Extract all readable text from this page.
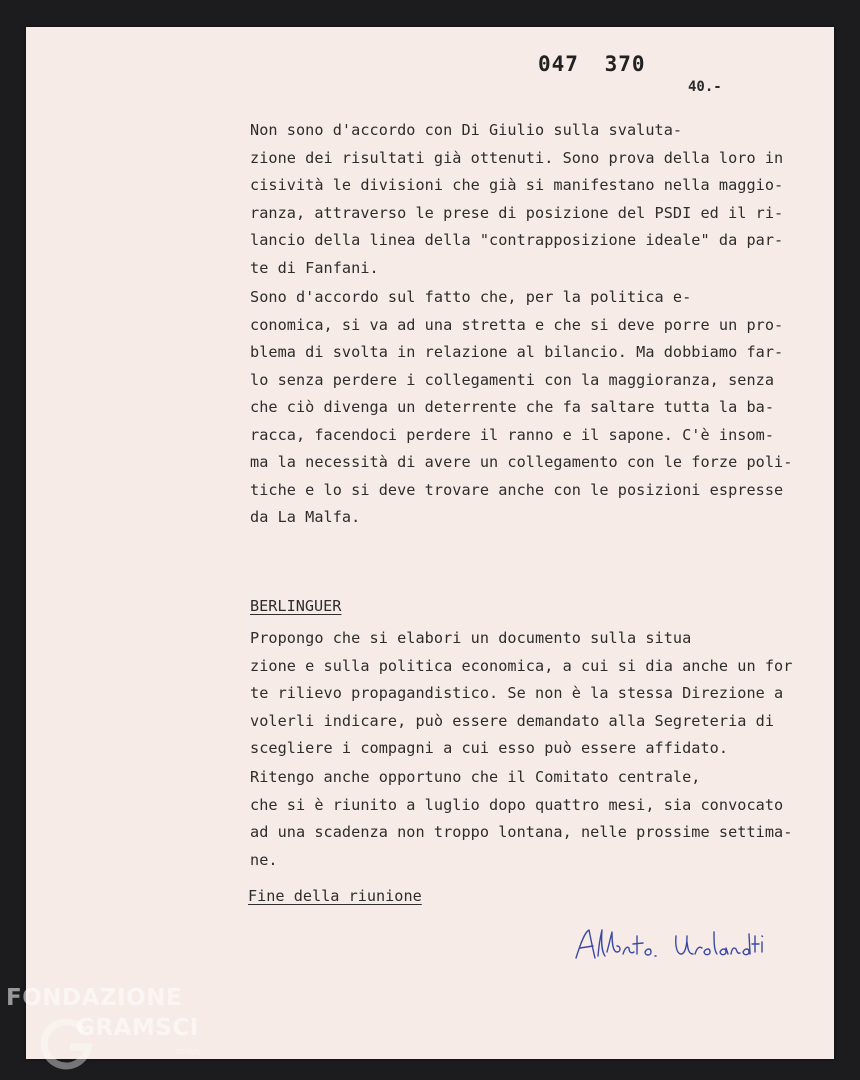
047 370
40.-
Non sono d'accordo con Di Giulio sulla svaluta-
zione dei risultati già ottenuti. Sono prova della loro in
cisività le divisioni che già si manifestano nella maggio-
ranza, attraverso le prese di posizione del PSDI ed il ri-
lancio della linea della "contrapposizione ideale" da par-
te di Fanfani.
Sono d'accordo sul fatto che, per la politica e-
conomica, si va ad una stretta e che si deve porre un pro-
blema di svolta in relazione al bilancio. Ma dobbiamo far-
lo senza perdere i collegamenti con la maggioranza, senza
che ciò divenga un deterrente che fa saltare tutta la ba-
racca, facendoci perdere il ranno e il sapone. C'è insom-
ma la necessità di avere un collegamento con le forze poli-
tiche e lo si deve trovare anche con le posizioni espresse
da La Malfa.
BERLINGUER
Propongo che si elabori un documento sulla situa
zione e sulla politica economica, a cui si dia anche un for
te rilievo propagandistico. Se non è la stessa Direzione a
volerli indicare, può essere demandato alla Segreteria di
scegliere i compagni a cui esso può essere affidato.
Ritengo anche opportuno che il Comitato centrale,
che si è riunito a luglio dopo quattro mesi, sia convocato
ad una scadenza non troppo lontana, nelle prossime settima-
ne.
Fine della riunione
FONDAZIONE
GRAMSCI
onlus
